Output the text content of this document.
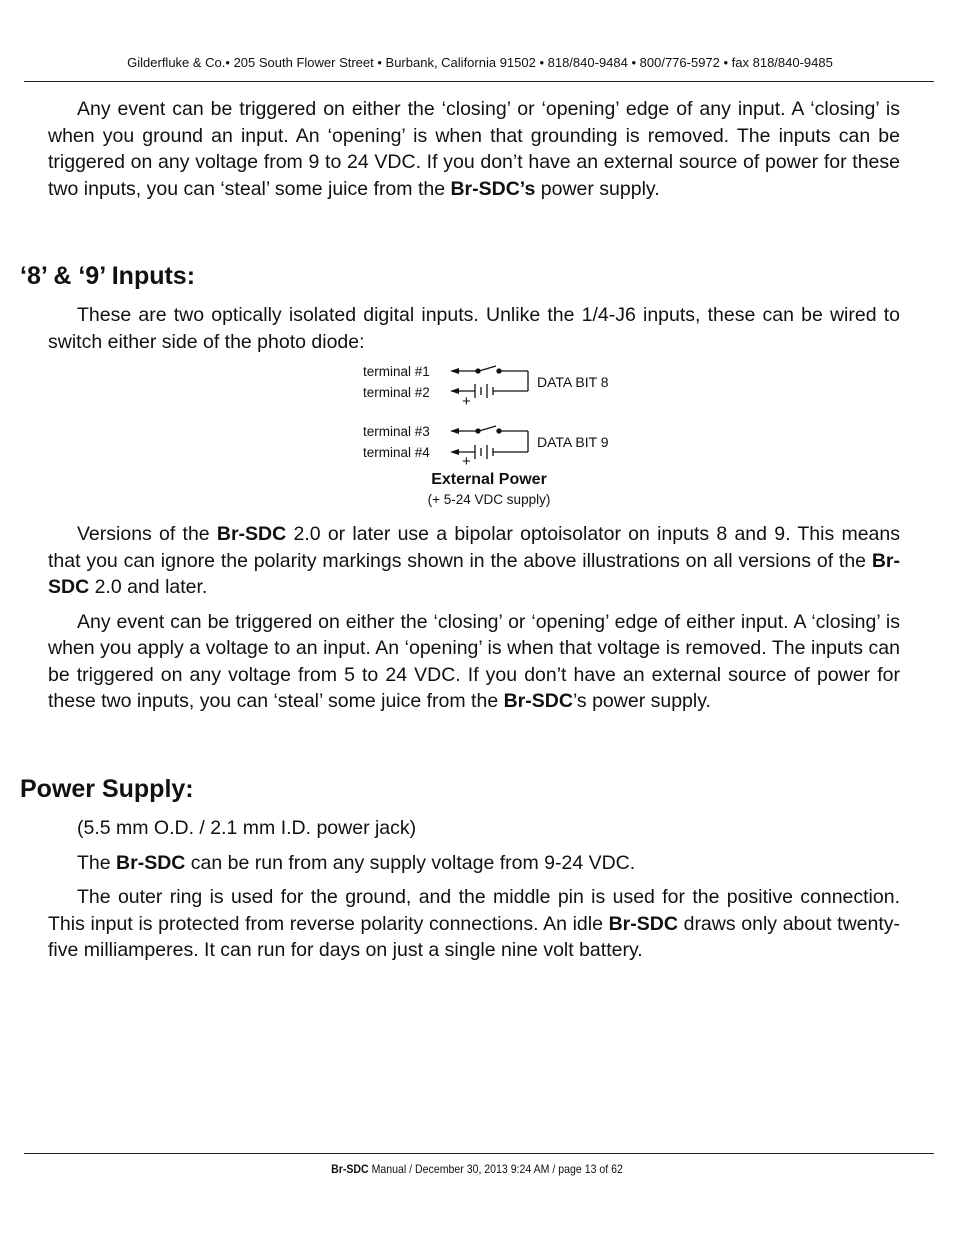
Gilderfluke & Co.• 205 South Flower Street • Burbank, California 91502 • 818/840-9484 • 800/776-5972 • fax 818/840-9485

Any event can be triggered on either the ‘closing’ or ‘opening’ edge of any input. A ‘closing’ is when you ground an input. An ‘opening’ is when that grounding is removed. The inputs can be triggered on any voltage from 9 to 24 VDC. If you don’t have an external source of power for these two inputs, you can ‘steal’ some juice from the Br-SDC’s power supply.

‘8’ & ‘9’ Inputs:

These are two optically isolated digital inputs. Unlike the 1/4-J6 inputs, these can be wired to switch either side of the photo diode:

terminal #1
terminal #2
terminal #3
terminal #4
+
+
DATA BIT 8
DATA BIT 9
External Power
(+ 5-24 VDC supply)

Versions of the Br-SDC 2.0 or later use a bipolar optoisolator on inputs 8 and 9. This means that you can ignore the polarity markings shown in the above illustrations on all versions of the Br-SDC 2.0 and later.

Any event can be triggered on either the ‘closing’ or ‘opening’ edge of either input. A ‘closing’ is when you apply a voltage to an input. An ‘opening’ is when that voltage is removed. The inputs can be triggered on any voltage from 5 to 24 VDC. If you don’t have an external source of power for these two inputs, you can ‘steal’ some juice from the Br-SDC’s power supply.

Power Supply:

(5.5 mm O.D. / 2.1 mm I.D. power jack)

The Br-SDC can be run from any supply voltage from 9-24 VDC.

The outer ring is used for the ground, and the middle pin is used for the positive connection. This input is protected from reverse polarity connections. An idle Br-SDC draws only about twenty-five milliamperes. It can run for days on just a single nine volt battery.

Br-SDC Manual / December 30, 2013 9:24 AM / page 13 of 62
